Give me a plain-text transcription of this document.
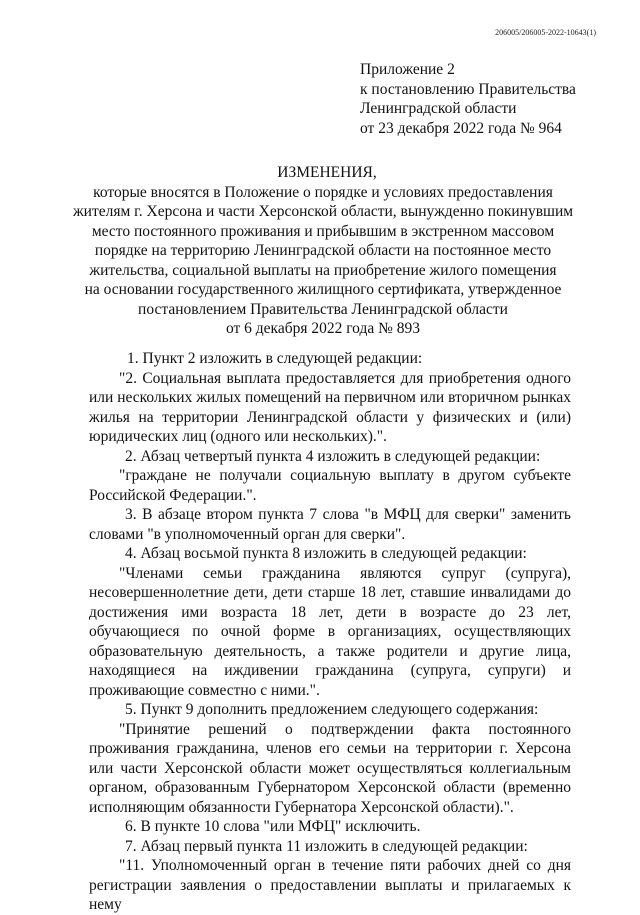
206005/206005-2022-10643(1)
Приложение 2
к постановлению Правительства
Ленинградской области
от 23 декабря 2022 года № 964
ИЗМЕНЕНИЯ,
которые вносятся в Положение о порядке и условиях предоставления
жителям г. Херсона и части Херсонской области, вынужденно покинувшим
место постоянного проживания и прибывшим в экстренном массовом
порядке на территорию Ленинградской области на постоянное место
жительства, социальной выплаты на приобретение жилого помещения
на основании государственного жилищного сертификата, утвержденное
постановлением Правительства Ленинградской области
от 6 декабря 2022 года № 893
1. Пункт 2 изложить в следующей редакции:
"2. Социальная выплата предоставляется для приобретения одного или нескольких жилых помещений на первичном или вторичном рынках жилья на территории Ленинградской области у физических и (или) юридических лиц (одного или нескольких).".
2. Абзац четвертый пункта 4 изложить в следующей редакции:
"граждане не получали социальную выплату в другом субъекте Российской Федерации.".
3. В абзаце втором пункта 7 слова "в МФЦ для сверки" заменить словами "в уполномоченный орган для сверки".
4. Абзац восьмой пункта 8 изложить в следующей редакции:
"Членами семьи гражданина являются супруг (супруга), несовершеннолетние дети, дети старше 18 лет, ставшие инвалидами до достижения ими возраста 18 лет, дети в возрасте до 23 лет, обучающиеся по очной форме в организациях, осуществляющих образовательную деятельность, а также родители и другие лица, находящиеся на иждивении гражданина (супруга, супруги) и проживающие совместно с ними.".
5. Пункт 9 дополнить предложением следующего содержания:
"Принятие решений о подтверждении факта постоянного проживания гражданина, членов его семьи на территории г. Херсона или части Херсонской области может осуществляться коллегиальным органом, образованным Губернатором Херсонской области (временно исполняющим обязанности Губернатора Херсонской области).".
6. В пункте 10 слова "или МФЦ" исключить.
7. Абзац первый пункта 11 изложить в следующей редакции:
"11. Уполномоченный орган в течение пяти рабочих дней со дня регистрации заявления о предоставлении выплаты и прилагаемых к нему
